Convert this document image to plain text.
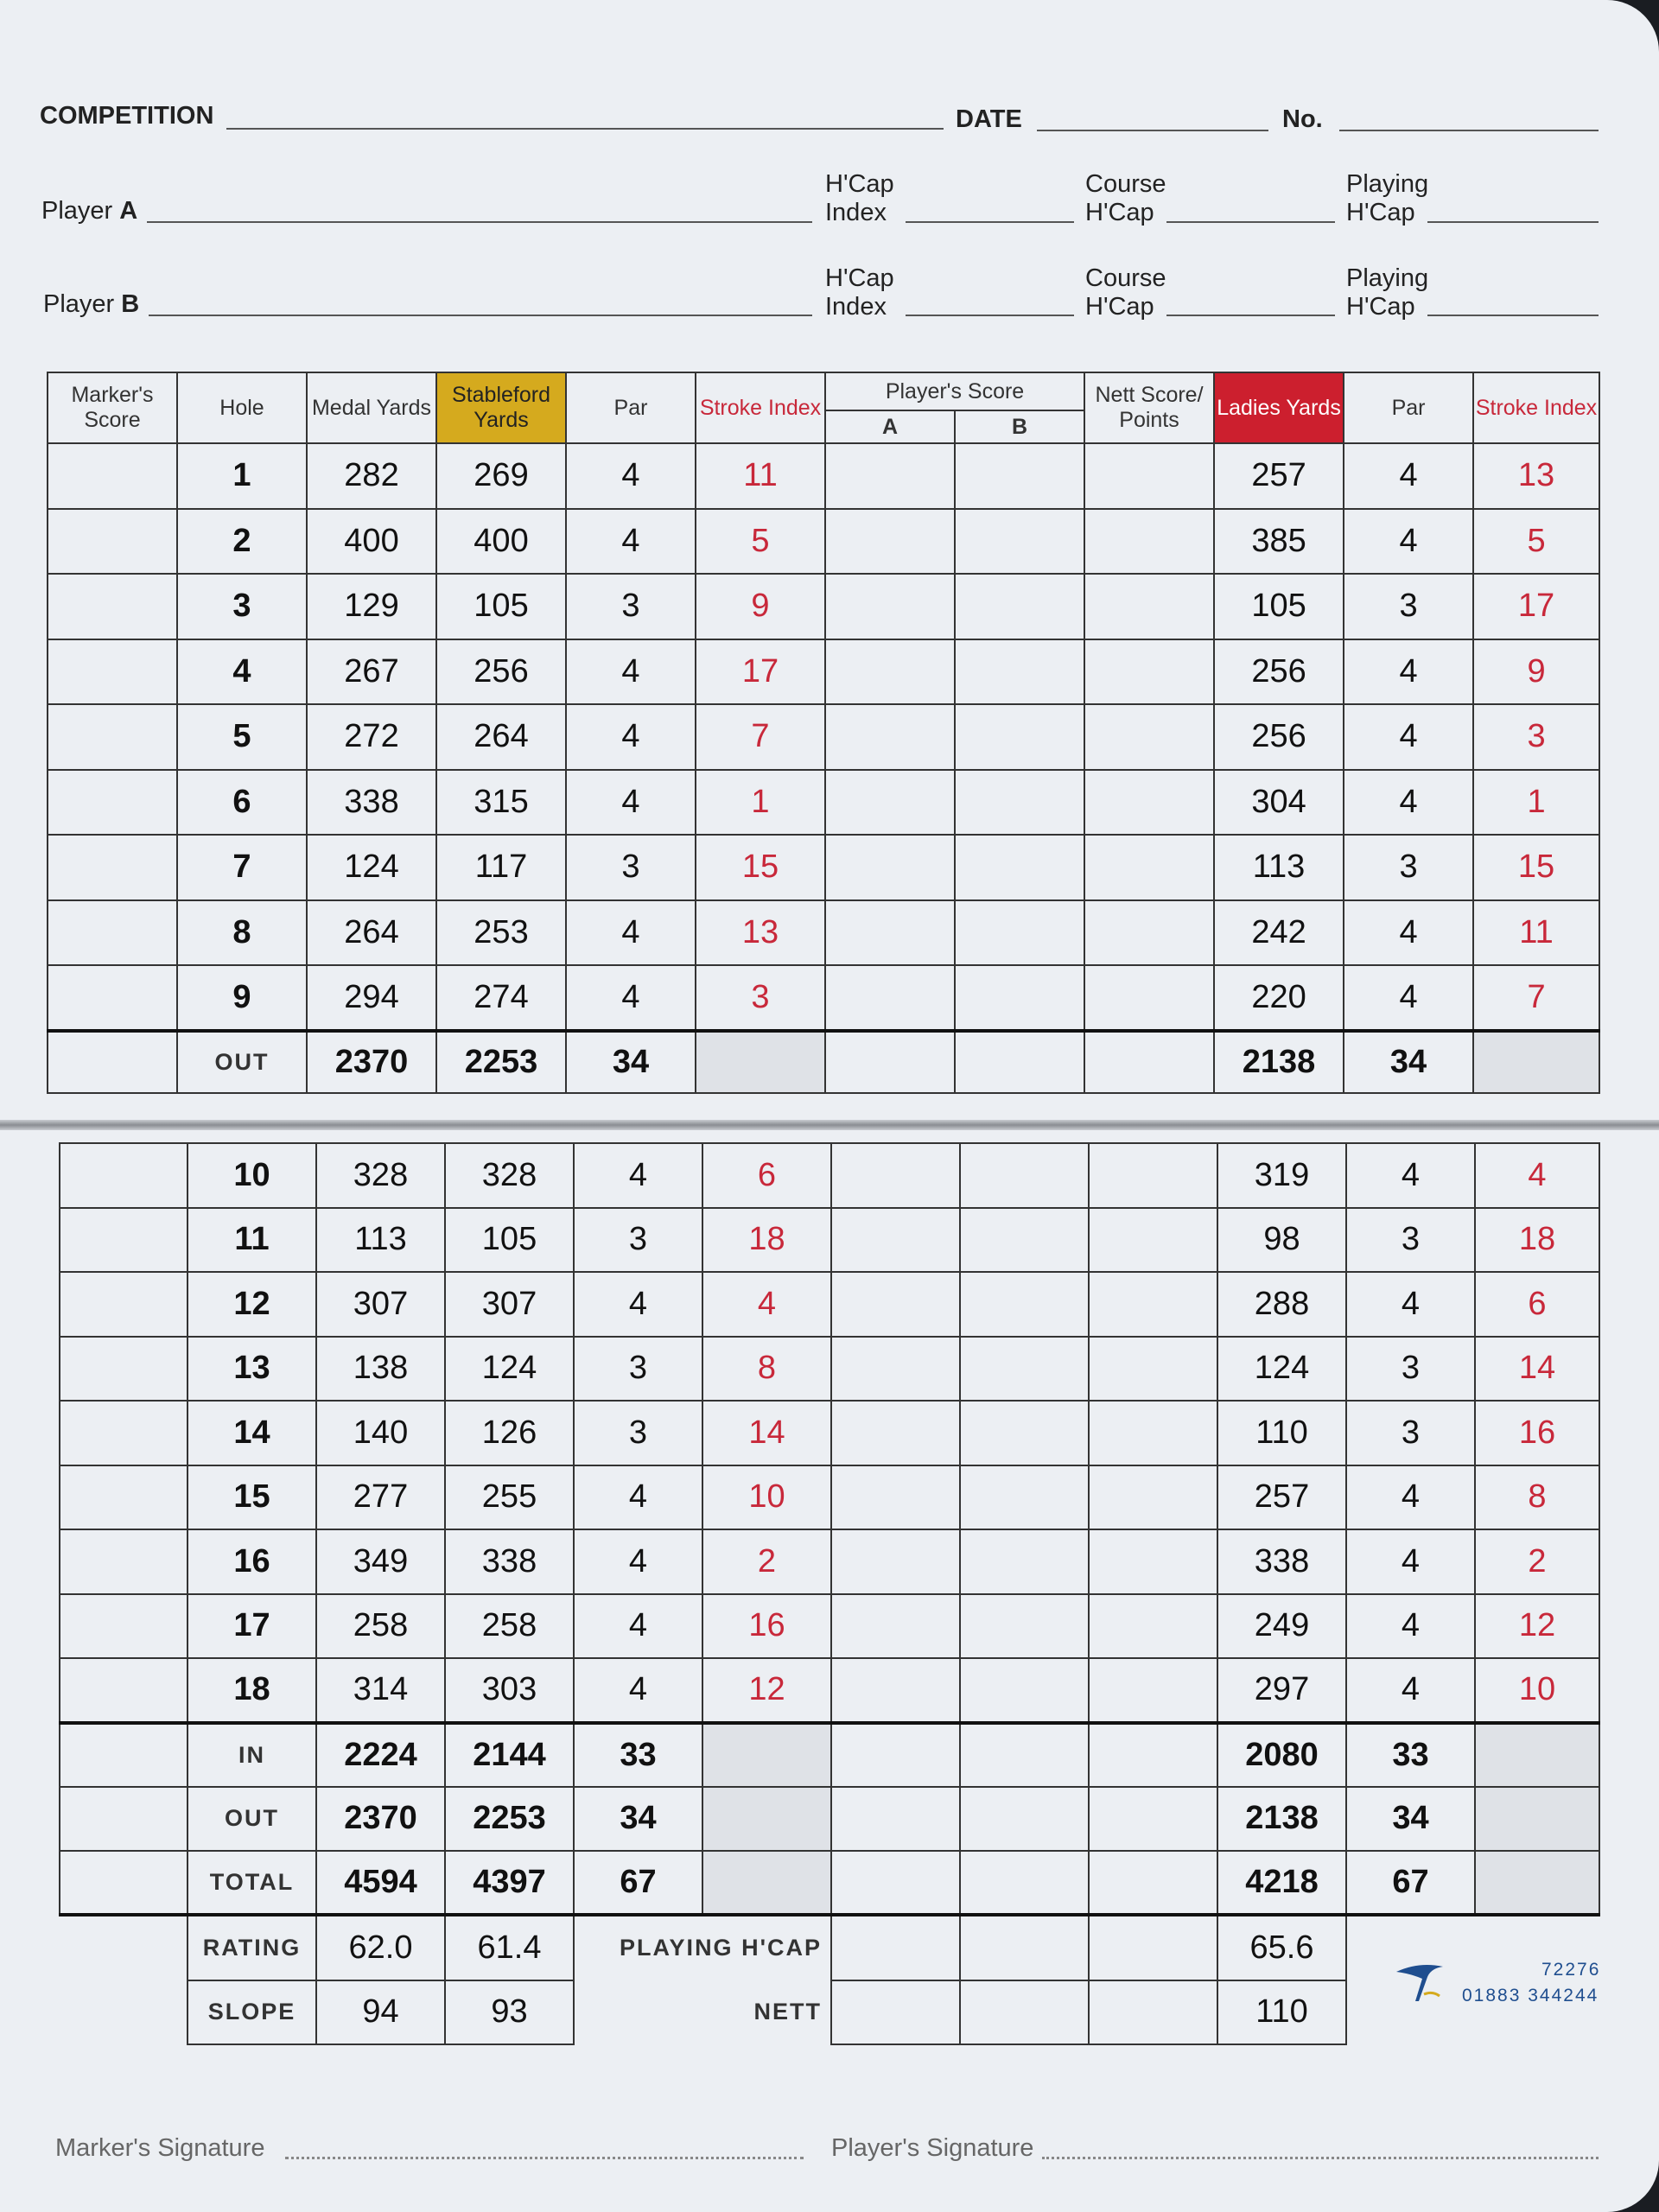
COMPETITION	DATE	No.
Player A
H'Cap
Index
Course
H'Cap
Playing
H'Cap
Player B
H'Cap
Index
Course
H'Cap
Playing
H'Cap
Marker's Score	Hole	Medal Yards	Stableford Yards	Par	Stroke Index	Player's Score		Nett Score/ Points	Ladies Yards	Par	Stroke Index
						A	B				
	1	282	269	4	11				257	4	13
	2	400	400	4	5				385	4	5
	3	129	105	3	9				105	3	17
	4	267	256	4	17				256	4	9
	5	272	264	4	7				256	4	3
	6	338	315	4	1				304	4	1
	7	124	117	3	15				113	3	15
	8	264	253	4	13				242	4	11
	9	294	274	4	3				220	4	7
	OUT	2370	2253	34					2138	34	
	10	328	328	4	6				319	4	4
	11	113	105	3	18				98	3	18
	12	307	307	4	4				288	4	6
	13	138	124	3	8				124	3	14
	14	140	126	3	14				110	3	16
	15	277	255	4	10				257	4	8
	16	349	338	4	2				338	4	2
	17	258	258	4	16				249	4	12
	18	314	303	4	12				297	4	10
	IN	2224	2144	33					2080	33	
	OUT	2370	2253	34					2138	34	
	TOTAL	4594	4397	67					4218	67	
	RATING	62.0	61.4	PLAYING H'CAP					65.6		
	SLOPE	94	93	NETT					110		
72276
01883 344244
Marker's Signature	Player's Signature
